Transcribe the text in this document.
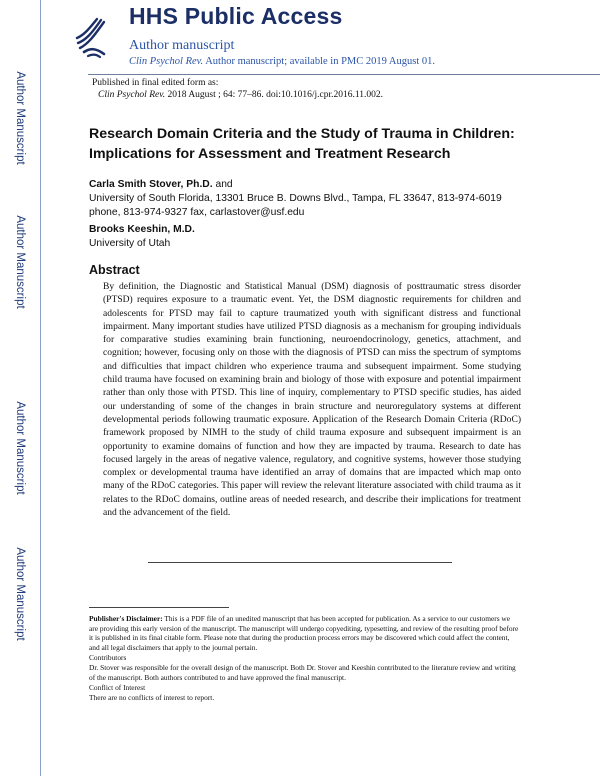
Author Manuscript
Author Manuscript
Author Manuscript
Author Manuscript
HHS Public Access
Author manuscript
Clin Psychol Rev. Author manuscript; available in PMC 2019 August 01.
Published in final edited form as:
Clin Psychol Rev. 2018 August ; 64: 77–86. doi:10.1016/j.cpr.2016.11.002.
Research Domain Criteria and the Study of Trauma in Children: Implications for Assessment and Treatment Research
Carla Smith Stover, Ph.D. and
University of South Florida, 13301 Bruce B. Downs Blvd., Tampa, FL 33647, 813-974-6019 phone, 813-974-9327 fax, carlastover@usf.edu
Brooks Keeshin, M.D.
University of Utah
Abstract
By definition, the Diagnostic and Statistical Manual (DSM) diagnosis of posttraumatic stress disorder (PTSD) requires exposure to a traumatic event. Yet, the DSM diagnostic requirements for children and adolescents for PTSD may fail to capture traumatized youth with significant distress and functional impairment. Many important studies have utilized PTSD diagnosis as a mechanism for grouping individuals for comparative studies examining brain functioning, neuroendocrinology, genetics, attachment, and cognition; however, focusing only on those with the diagnosis of PTSD can miss the spectrum of symptoms and difficulties that impact children who experience trauma and subsequent impairment. Some studying child trauma have focused on examining brain and biology of those with exposure and potential impairment rather than only those with PTSD. This line of inquiry, complementary to PTSD specific studies, has aided our understanding of some of the changes in brain structure and neuroregulatory systems at different developmental periods following traumatic exposure. Application of the Research Domain Criteria (RDoC) framework proposed by NIMH to the study of child trauma exposure and subsequent impairment is an opportunity to examine domains of function and how they are impacted by trauma. Research to date has focused largely in the areas of negative valence, regulatory, and cognitive systems, however those studying complex or developmental trauma have identified an array of domains that are impacted which map onto many of the RDoC categories. This paper will review the relevant literature associated with child trauma as it relates to the RDoC domains, outline areas of needed research, and describe their implications for treatment and the advancement of the field.
Publisher's Disclaimer: This is a PDF file of an unedited manuscript that has been accepted for publication. As a service to our customers we are providing this early version of the manuscript. The manuscript will undergo copyediting, typesetting, and review of the resulting proof before it is published in its final citable form. Please note that during the production process errors may be discovered which could affect the content, and all legal disclaimers that apply to the journal pertain.
Contributors
Dr. Stover was responsible for the overall design of the manuscript. Both Dr. Stover and Keeshin contributed to the literature review and writing of the manuscript. Both authors contributed to and have approved the final manuscript.
Conflict of Interest
There are no conflicts of interest to report.
